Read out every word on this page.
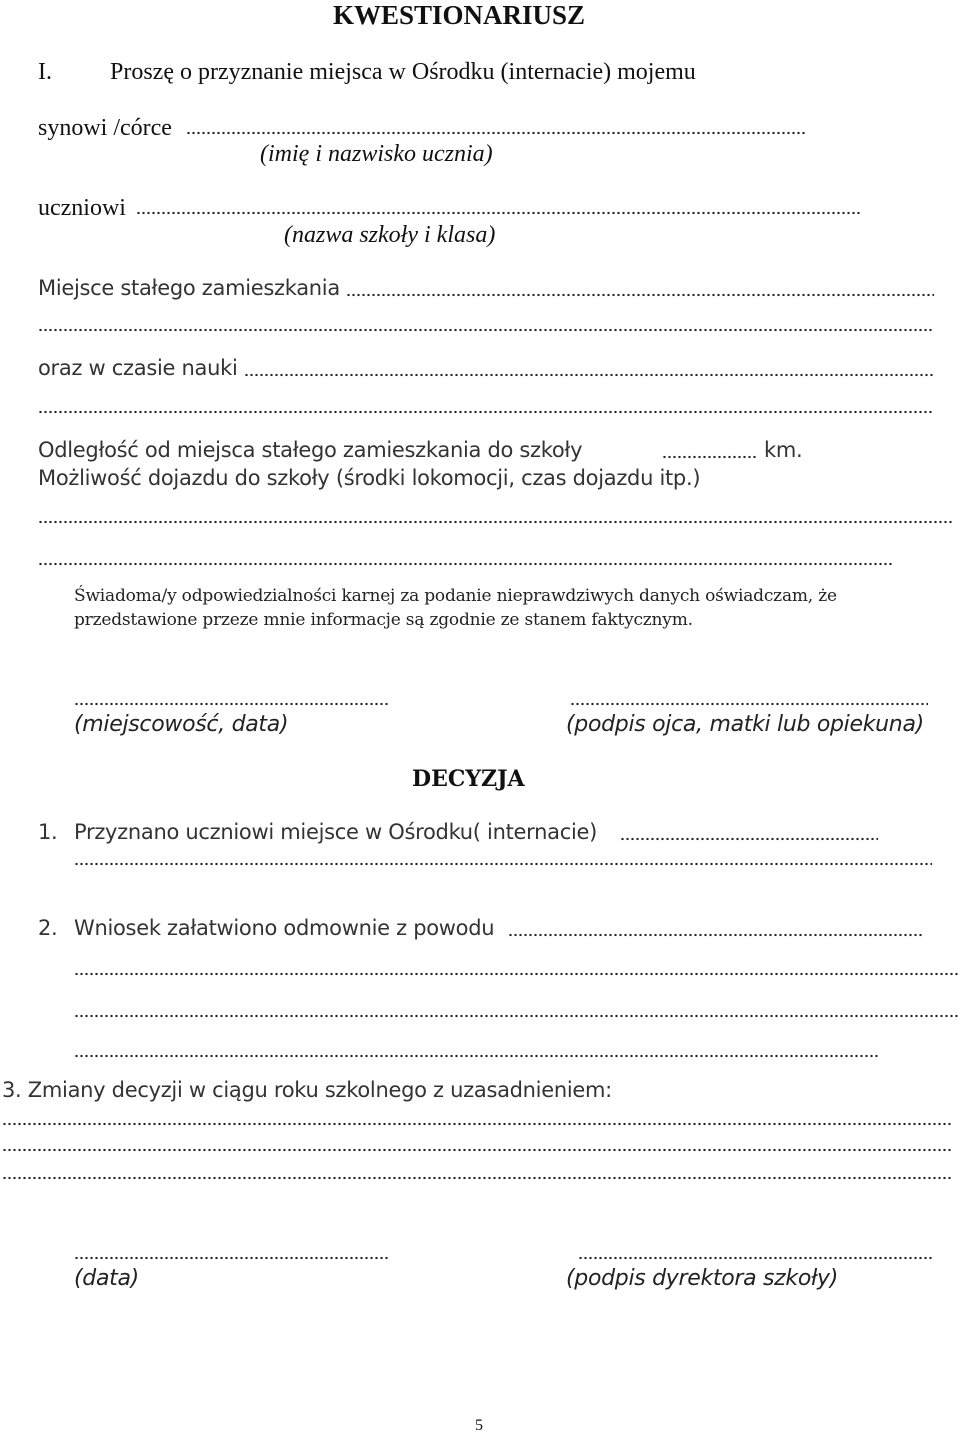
KWESTIONARIUSZ
I. Proszę o przyznanie miejsca w Ośrodku (internacie) mojemu
synowi /córce
(imię i nazwisko ucznia)
uczniowi
(nazwa szkoły i klasa)
Miejsce stałego zamieszkania
oraz w czasie nauki
Odległość od miejsca stałego zamieszkania do szkoły	km.
Możliwość dojazdu do szkoły (środki lokomocji, czas dojazdu itp.)
Świadoma/y odpowiedzialności karnej za podanie nieprawdziwych danych oświadczam, że
przedstawione przeze mnie informacje są zgodnie ze stanem faktycznym.
(miejscowość, data)	(podpis ojca, matki lub opiekuna)
DECYZJA
1. Przyznano uczniowi miejsce w Ośrodku( internacie)
2. Wniosek załatwiono odmownie z powodu
3. Zmiany decyzji w ciągu roku szkolnego z uzasadnieniem:
(data)	(podpis dyrektora szkoły)
5
